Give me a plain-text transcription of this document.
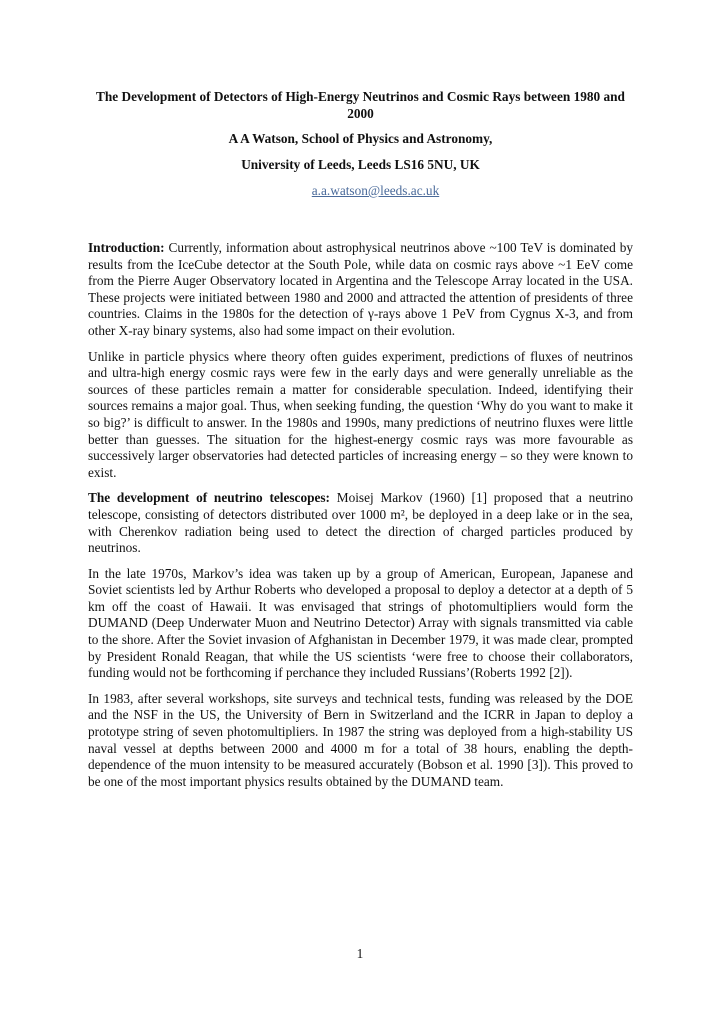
The Development of Detectors of High-Energy Neutrinos and Cosmic Rays between 1980 and 2000
A A Watson, School of Physics and Astronomy,
University of Leeds, Leeds LS16 5NU, UK
a.a.watson@leeds.ac.uk

Introduction: Currently, information about astrophysical neutrinos above ~100 TeV is dominated by results from the IceCube detector at the South Pole, while data on cosmic rays above ~1 EeV come from the Pierre Auger Observatory located in Argentina and the Telescope Array located in the USA. These projects were initiated between 1980 and 2000 and attracted the attention of presidents of three countries. Claims in the 1980s for the detection of γ-rays above 1 PeV from Cygnus X-3, and from other X-ray binary systems, also had some impact on their evolution.

Unlike in particle physics where theory often guides experiment, predictions of fluxes of neutrinos and ultra-high energy cosmic rays were few in the early days and were generally unreliable as the sources of these particles remain a matter for considerable speculation. Indeed, identifying their sources remains a major goal. Thus, when seeking funding, the question ‘Why do you want to make it so big?’ is difficult to answer. In the 1980s and 1990s, many predictions of neutrino fluxes were little better than guesses. The situation for the highest-energy cosmic rays was more favourable as successively larger observatories had detected particles of increasing energy – so they were known to exist.

The development of neutrino telescopes: Moisej Markov (1960) [1] proposed that a neutrino telescope, consisting of detectors distributed over 1000 m², be deployed in a deep lake or in the sea, with Cherenkov radiation being used to detect the direction of charged particles produced by neutrinos.

In the late 1970s, Markov’s idea was taken up by a group of American, European, Japanese and Soviet scientists led by Arthur Roberts who developed a proposal to deploy a detector at a depth of 5 km off the coast of Hawaii. It was envisaged that strings of photomultipliers would form the DUMAND (Deep Underwater Muon and Neutrino Detector) Array with signals transmitted via cable to the shore. After the Soviet invasion of Afghanistan in December 1979, it was made clear, prompted by President Ronald Reagan, that while the US scientists ‘were free to choose their collaborators, funding would not be forthcoming if perchance they included Russians’(Roberts 1992 [2]).

In 1983, after several workshops, site surveys and technical tests, funding was released by the DOE and the NSF in the US, the University of Bern in Switzerland and the ICRR in Japan to deploy a prototype string of seven photomultipliers. In 1987 the string was deployed from a high-stability US naval vessel at depths between 2000 and 4000 m for a total of 38 hours, enabling the depth-dependence of the muon intensity to be measured accurately (Bobson et al. 1990 [3]). This proved to be one of the most important physics results obtained by the DUMAND team.

1
